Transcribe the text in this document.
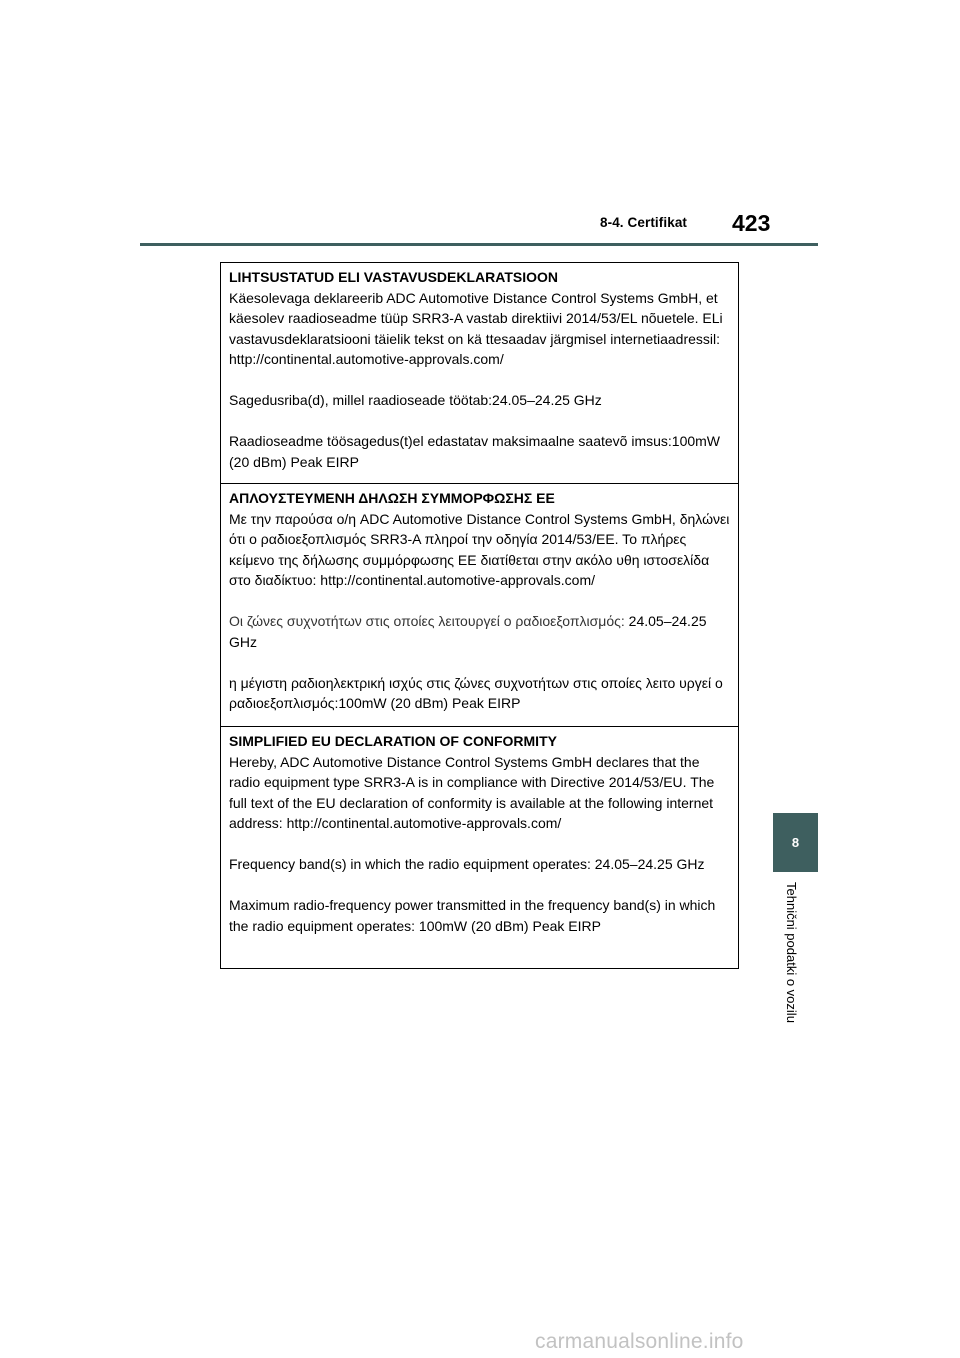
8-4. Certifikat 423

LIHTSUSTATUD ELI VASTAVUSDEKLARATSIOON

Käesolevaga deklareerib ADC Automotive Distance Control Systems GmbH, et käesolev raadioseadme tüüp SRR3-A vastab direktiivi 2014/53/EL nõuetele. ELi vastavusdeklaratsiooni täielik tekst on kä ttesaadav järgmisel internetiaadressil: http://continental.automotive-approvals.com/

Sagedusriba(d), millel raadioseade töötab:24.05–24.25 GHz

Raadioseadme töösagedus(t)el edastatav maksimaalne saatevõ imsus:100mW (20 dBm) Peak EIRP

ΑΠΛΟΥΣΤΕΥΜΕΝΗ ΔΗΛΩΣΗ ΣΥΜΜΟΡΦΩΣΗΣ ΕΕ

Με την παρούσα ο/η ADC Automotive Distance Control Systems GmbH, δηλώνει ότι ο ραδιοεξοπλισμός SRR3-A πληροί την οδηγία 2014/53/ΕΕ. Το πλήρες κείμενο της δήλωσης συμμόρφωσης ΕΕ διατίθεται στην ακόλο υθη ιστοσελίδα στο διαδίκτυο: http://continental.automotive-approvals.com/

Οι ζώνες συχνοτήτων στις οποίες λειτουργεί ο ραδιοεξοπλισμός: 24.05–24.25 GHz

η μέγιστη ραδιοηλεκτρική ισχύς στις ζώνες συχνοτήτων στις οποίες λειτο υργεί ο ραδιοεξοπλισμός:100mW (20 dBm) Peak EIRP

SIMPLIFIED EU DECLARATION OF CONFORMITY

Hereby, ADC Automotive Distance Control Systems GmbH declares that the radio equipment type SRR3-A is in compliance with Directive 2014/53/EU. The full text of the EU declaration of conformity is available at the following internet address: http://continental.automotive-approvals.com/

Frequency band(s) in which the radio equipment operates: 24.05–24.25 GHz

Maximum radio-frequency power transmitted in the frequency band(s) in which the radio equipment operates: 100mW (20 dBm) Peak EIRP

8
Tehnični podatki o vozilu
carmanualsonline.info
